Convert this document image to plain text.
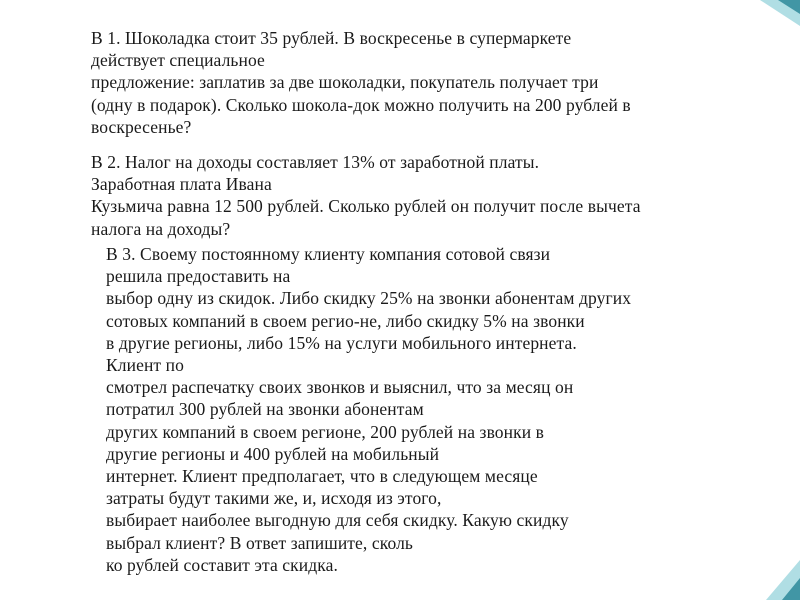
В 1. Шоколадка стоит 35 рублей. В воскресенье в супермаркете
действует специальное
предложение: заплатив за две шоколадки, покупатель получает три
(одну в подарок). Сколько шокола-док можно получить на 200 рублей в
воскресенье?
В 2. Налог на доходы составляет 13% от заработной платы.
Заработная плата Ивана
Кузьмича равна 12 500 рублей. Сколько рублей он получит после вычета
налога на доходы?
В 3. Своему постоянному клиенту компания сотовой связи
решила предоставить на
выбор одну из скидок. Либо скидку 25% на звонки абонентам других
сотовых компаний в своем регио-не, либо скидку 5% на звонки
в другие регионы, либо 15% на услуги мобильного интернета.
Клиент по
смотрел распечатку своих звонков и выяснил, что за месяц он
потратил 300 рублей на звонки абонентам
других компаний в своем регионе, 200 рублей на звонки в
другие регионы и 400 рублей на мобильный
интернет. Клиент предполагает, что в следующем месяце
затраты будут такими же, и, исходя из этого,
выбирает наиболее выгодную для себя скидку. Какую скидку
выбрал клиент? В ответ запишите, сколь
ко рублей составит эта скидка.
